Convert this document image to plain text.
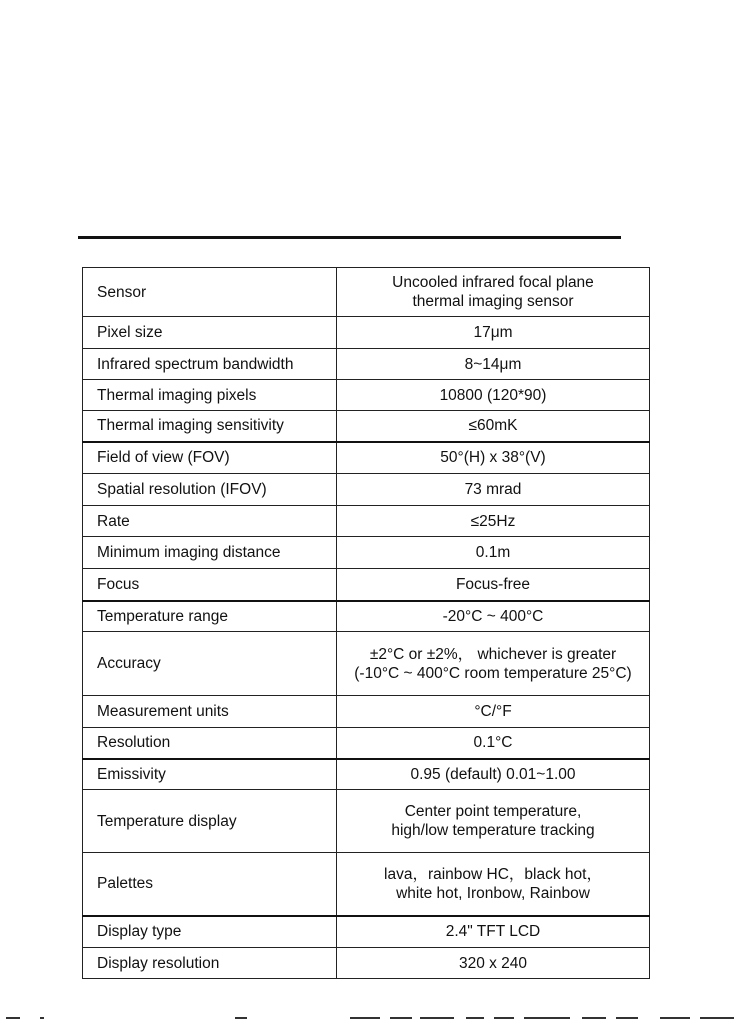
Sensor	Uncooled infrared focal plane
thermal imaging sensor

Pixel size	17μm
Infrared spectrum bandwidth	8~14μm
Thermal imaging pixels	10800 (120*90)
Thermal imaging sensitivity	≤60mK
Field of view (FOV)	50°(H) x 38°(V)
Spatial resolution (IFOV)	73 mrad
Rate	≤25Hz
Minimum imaging distance	0.1m
Focus	Focus-free
Temperature range	-20°C ~ 400°C
Accuracy	±2°C or ±2%， whichever is greater
(-10°C ~ 400°C room temperature 25°C)

Measurement units	°C/°F
Resolution	0.1°C
Emissivity	0.95 (default) 0.01~1.00
Temperature display	Center point temperature,
high/low temperature tracking

Palettes	lava，rainbow HC，black hot，
white hot, Ironbow, Rainbow

Display type	2.4" TFT LCD
Display resolution	320 x 240
